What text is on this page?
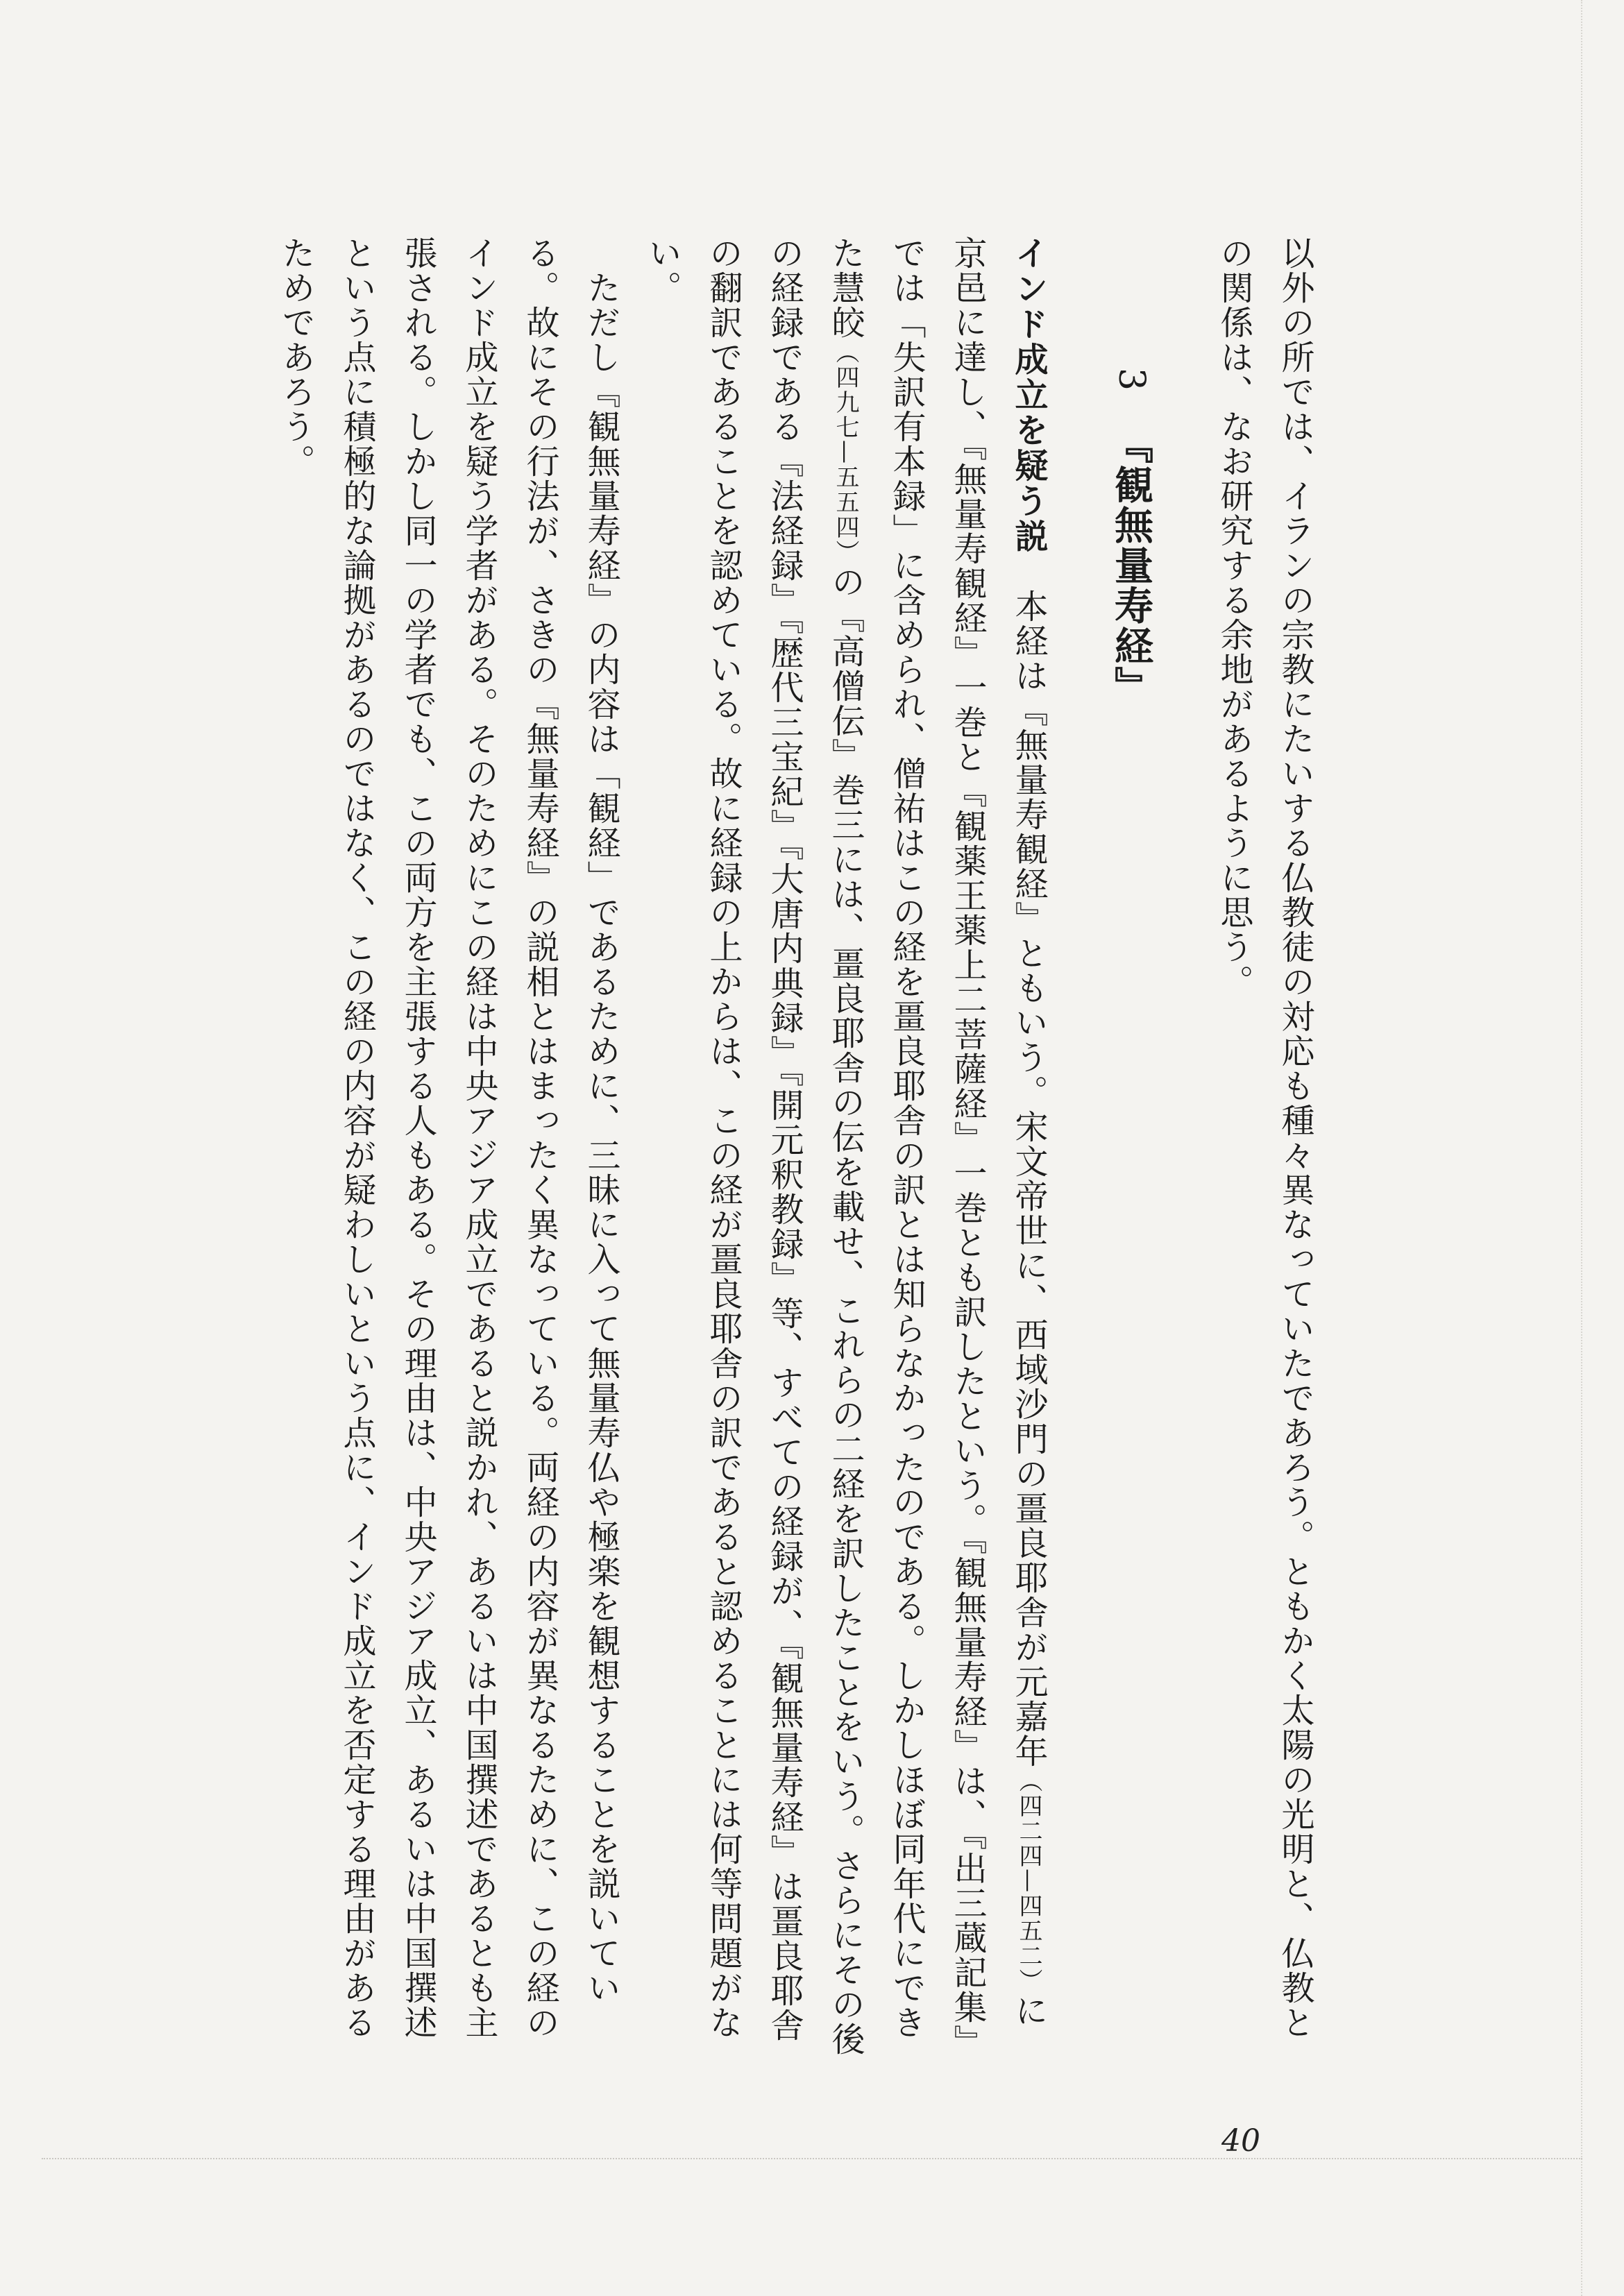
以外の所では、イランの宗教にたいする仏教徒の対応も種々異なっていたであろう。ともかく太陽の光明と、仏教との関係は、なお研究する余地があるように思う。

3 『観無量寿経』

インド成立を疑う説　本経は『無量寿観経』ともいう。宋文帝世に、西域沙門の畺良耶舎が元嘉年（四二四—四五二）に京邑に達し、『無量寿観経』一巻と『観薬王薬上二菩薩経』一巻とも訳したという。『観無量寿経』は、『出三蔵記集』では「失訳有本録」に含められ、僧祐はこの経を畺良耶舎の訳とは知らなかったのである。しかしほぼ同年代にできた慧皎（四九七—五五四）の『高僧伝』巻三には、畺良耶舎の伝を載せ、これらの二経を訳したことをいう。さらにその後の経録である『法経録』『歴代三宝紀』『大唐内典録』『開元釈教録』等、すべての経録が、『観無量寿経』は畺良耶舎の翻訳であることを認めている。故に経録の上からは、この経が畺良耶舎の訳であると認めることには何等問題がない。

　ただし『観無量寿経』の内容は「観経」であるために、三昧に入って無量寿仏や極楽を観想することを説いている。故にその行法が、さきの『無量寿経』の説相とはまったく異なっている。両経の内容が異なるために、この経のインド成立を疑う学者がある。そのためにこの経は中央アジア成立であると説かれ、あるいは中国撰述であるとも主張される。しかし同一の学者でも、この両方を主張する人もある。その理由は、中央アジア成立、あるいは中国撰述という点に積極的な論拠があるのではなく、この経の内容が疑わしいという点に、インド成立を否定する理由があるためであろう。

40
